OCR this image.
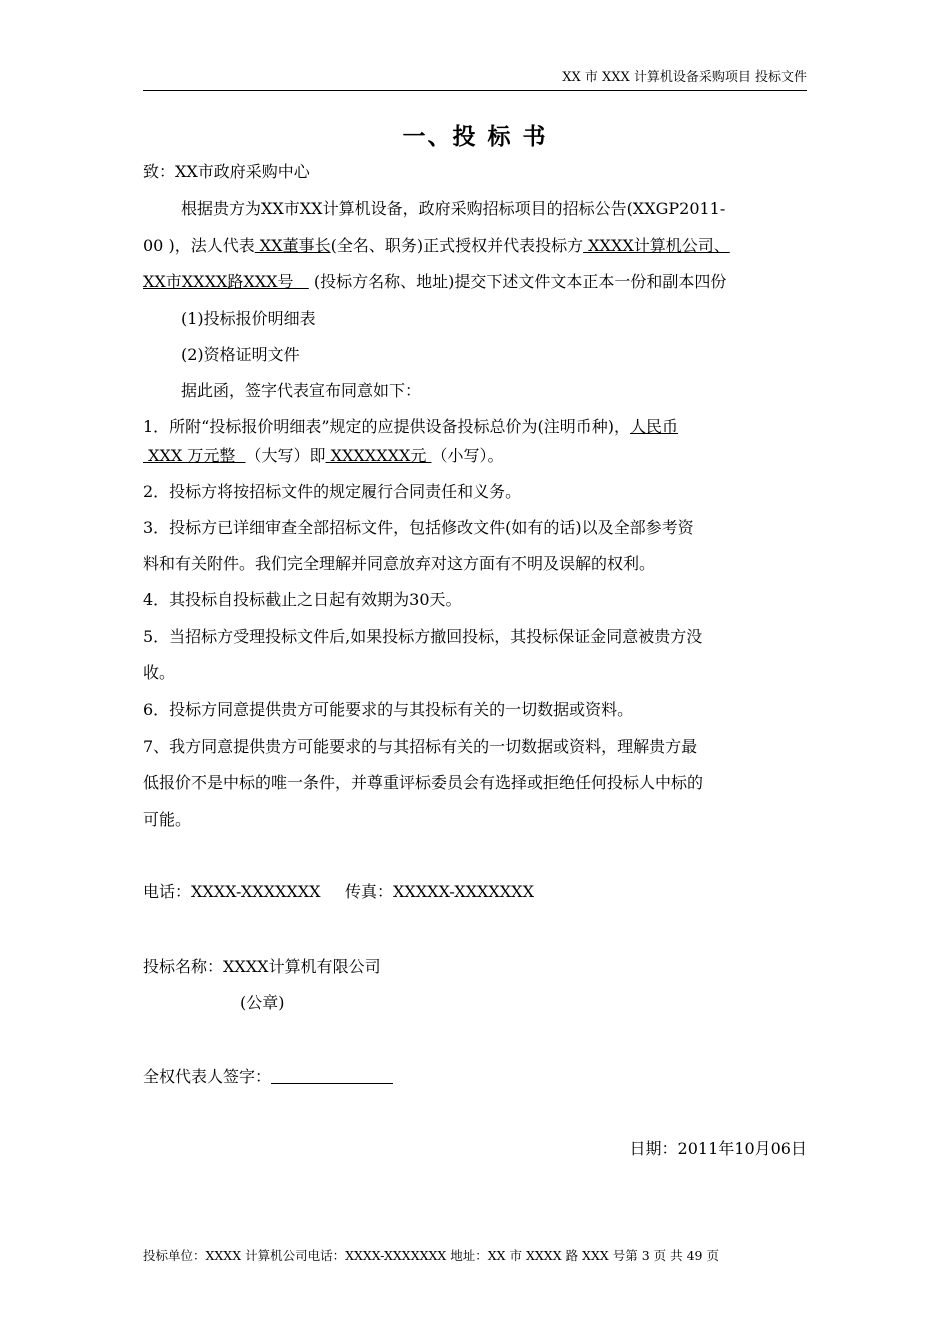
XX 市 XXX 计算机设备采购项目 投标文件
一、投 标 书
致：XX市政府采购中心
根据贵方为XX市XX计算机设备，政府采购招标项目的招标公告(XXGP2011-
00 )，法人代表 XX董事长(全名、职务)正式授权并代表投标方 XXXX计算机公司、
XX市XXXX路XXX号    (投标方名称、地址)提交下述文件文本正本一份和副本四份
(1)投标报价明细表
(2)资格证明文件
据此函，签字代表宣布同意如下：
1．所附“投标报价明细表”规定的应提供设备投标总价为(注明币种)，人民币
XXX 万元整  （大写）即 XXXXXXX元 （小写）。
2．投标方将按招标文件的规定履行合同责任和义务。
3．投标方已详细审查全部招标文件，包括修改文件(如有的话)以及全部参考资
料和有关附件。我们完全理解并同意放弃对这方面有不明及误解的权利。
4．其投标自投标截止之日起有效期为30天。
5．当招标方受理投标文件后,如果投标方撤回投标，其投标保证金同意被贵方没
收。
6．投标方同意提供贵方可能要求的与其投标有关的一切数据或资料。
7、我方同意提供贵方可能要求的与其招标有关的一切数据或资料，理解贵方最
低报价不是中标的唯一条件，并尊重评标委员会有选择或拒绝任何投标人中标的
可能。
电话：XXXX-XXXXXXX 传真：XXXXX-XXXXXXX
投标名称：XXXX计算机有限公司
(公章)
全权代表人签字：
日期：2011年10月06日
投标单位：XXXX 计算机公司电话：XXXX-XXXXXXX 地址：XX 市 XXXX 路 XXX 号第 3 页 共 49 页
